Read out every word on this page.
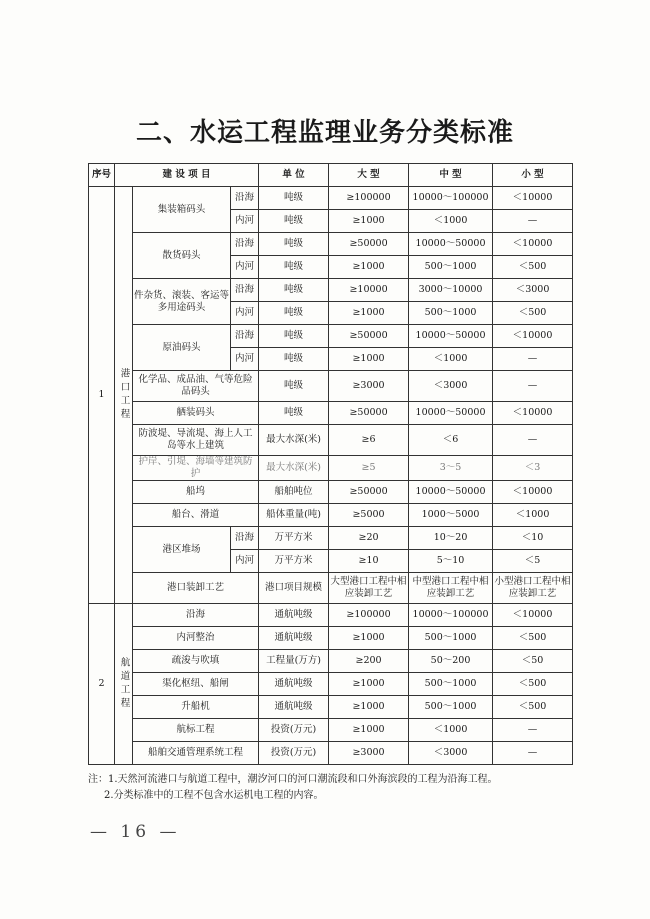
二、水运工程监理业务分类标准
序号	建 设 项 目			单 位	大 型	中 型	小 型
1	港口工程	集装箱码头	沿海	吨级	≥100000	10000～100000	＜10000
			内河	吨级	≥1000	＜1000	—
		散货码头	沿海	吨级	≥50000	10000～50000	＜10000
			内河	吨级	≥1000	500～1000	＜500
		件杂货、滚装、客运等多用途码头	沿海	吨级	≥10000	3000～10000	＜3000
			内河	吨级	≥1000	500～1000	＜500
		原油码头	沿海	吨级	≥50000	10000～50000	＜10000
			内河	吨级	≥1000	＜1000	—
		化学品、成品油、气等危险品码头		吨级	≥3000	＜3000	—
		舾装码头		吨级	≥50000	10000～50000	＜10000
		防波堤、导流堤、海上人工岛等水上建筑		最大水深(米)	≥6	＜6	—
		护岸、引堤、海墙等建筑防护		最大水深(米)	≥5	3～5	＜3
		船坞		船舶吨位	≥50000	10000～50000	＜10000
		船台、滑道		船体重量(吨)	≥5000	1000～5000	＜1000
		港区堆场	沿海	万平方米	≥20	10～20	＜10
			内河	万平方米	≥10	5～10	＜5
		港口装卸工艺		港口项目规模	大型港口工程中相应装卸工艺	中型港口工程中相应装卸工艺	小型港口工程中相应装卸工艺
2	航道工程	沿海		通航吨级	≥100000	10000～100000	＜10000
		内河整治		通航吨级	≥1000	500～1000	＜500
		疏浚与吹填		工程量(万方)	≥200	50～200	＜50
		渠化枢纽、船闸		通航吨级	≥1000	500～1000	＜500
		升船机		通航吨级	≥1000	500～1000	＜500
		航标工程		投资(万元)	≥1000	＜1000	—
		船舶交通管理系统工程		投资(万元)	≥3000	＜3000	—
注：1.天然河流港口与航道工程中，潮汐河口的河口潮流段和口外海滨段的工程为沿海工程。
2.分类标准中的工程不包含水运机电工程的内容。
— 16 —
